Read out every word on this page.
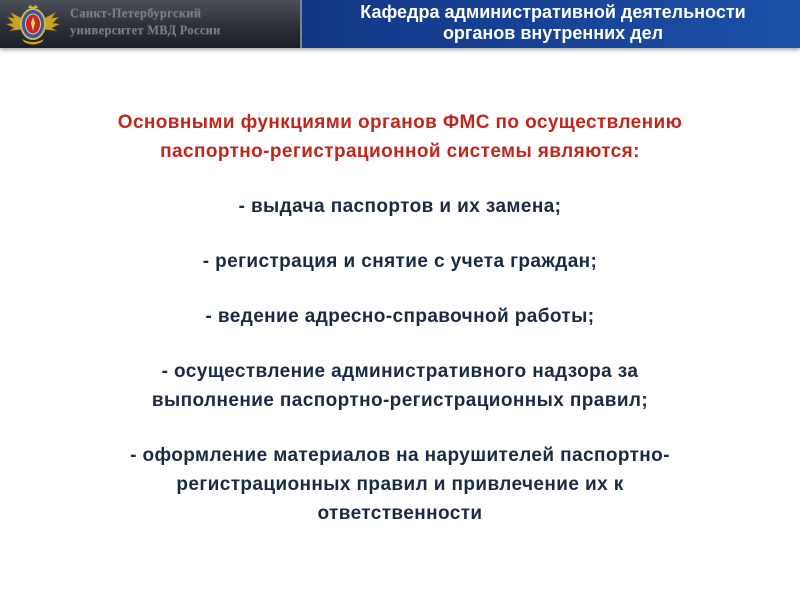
Санкт-Петербургский
университет МВД России
Кафедра административной деятельности
органов внутренних дел
Основными функциями органов ФМС по осуществлению
паспортно-регистрационной системы являются:
- выдача паспортов и их замена;
- регистрация и снятие с учета граждан;
- ведение адресно-справочной работы;
- осуществление административного надзора за
выполнение паспортно-регистрационных правил;
- оформление материалов на нарушителей паспортно-
регистрационных правил и привлечение их к
ответственности
